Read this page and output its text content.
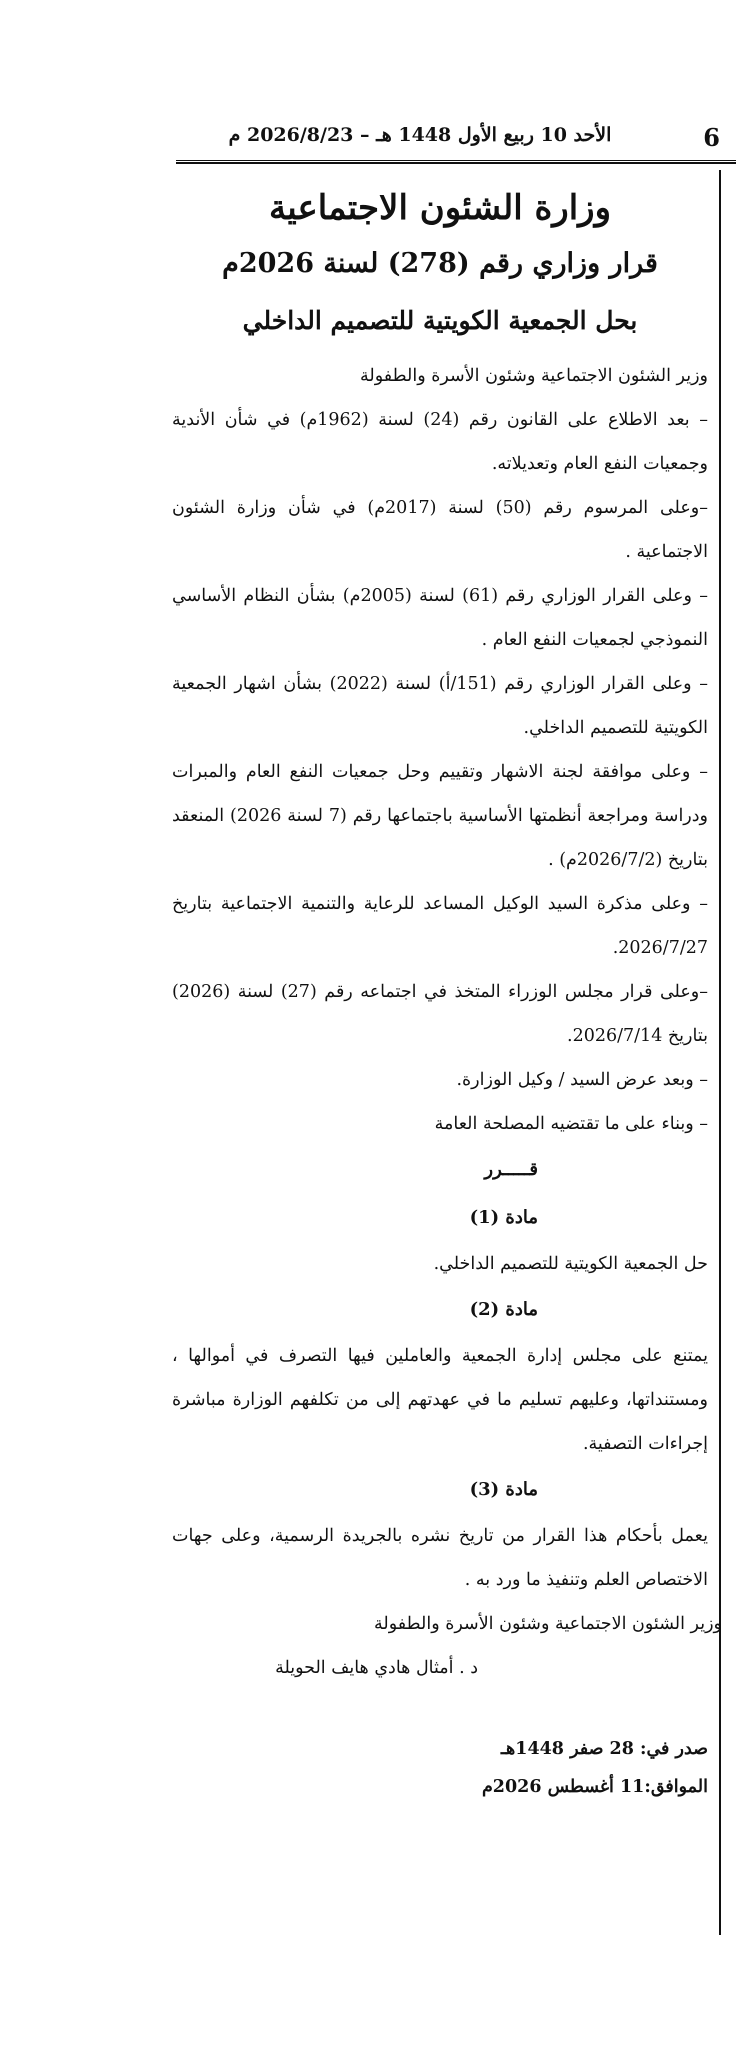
6
الأحد 10 ربيع الأول 1448 هـ – 2026/8/23 م
وزارة الشئون الاجتماعية
قرار وزاري رقم (278) لسنة 2026م
بحل الجمعية الكويتية للتصميم الداخلي

وزير الشئون الاجتماعية وشئون الأسرة والطفولة

– بعد الاطلاع على القانون رقم (24) لسنة (1962م) في شأن الأندية وجمعيات النفع العام وتعديلاته.

–وعلى المرسوم رقم (50) لسنة (2017م) في شأن وزارة الشئون الاجتماعية .

– وعلى القرار الوزاري رقم (61) لسنة (2005م) بشأن النظام الأساسي النموذجي لجمعيات النفع العام .

– وعلى القرار الوزاري رقم (151/أ) لسنة (2022) بشأن اشهار الجمعية الكويتية للتصميم الداخلي.

– وعلى موافقة لجنة الاشهار وتقييم وحل جمعيات النفع العام والمبرات ودراسة ومراجعة أنظمتها الأساسية باجتماعها رقم (7 لسنة 2026) المنعقد بتاريخ (2026/7/2م) .

– وعلى مذكرة السيد الوكيل المساعد للرعاية والتنمية الاجتماعية بتاريخ 2026/7/27.

–وعلى قرار مجلس الوزراء المتخذ في اجتماعه رقم (27) لسنة (2026) بتاريخ 2026/7/14.

– وبعد عرض السيد / وكيل الوزارة.

– وبناء على ما تقتضيه المصلحة العامة

قـــــرر

مادة (1)

حل الجمعية الكويتية للتصميم الداخلي.

مادة (2)

يمتنع على مجلس إدارة الجمعية والعاملين فيها التصرف في أموالها ، ومستنداتها، وعليهم تسليم ما في عهدتهم إلى من تكلفهم الوزارة مباشرة إجراءات التصفية.

مادة (3)

يعمل بأحكام هذا القرار من تاريخ نشره بالجريدة الرسمية، وعلى جهات الاختصاص العلم وتنفيذ ما ورد به .

وزير الشئون الاجتماعية وشئون الأسرة والطفولة

د . أمثال هادي هايف الحويلة

صدر في: 28 صفر 1448هـ
الموافق:11 أغسطس 2026م
